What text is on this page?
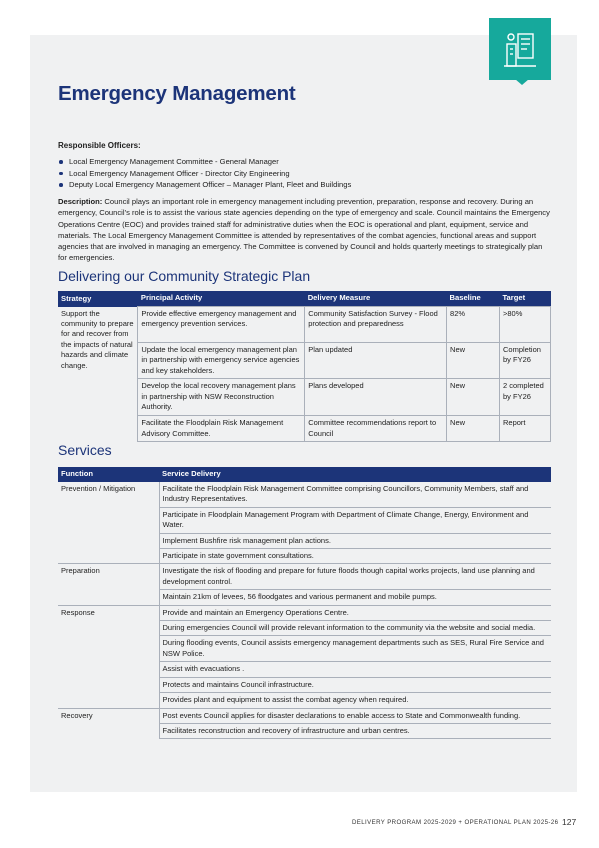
Emergency Management
Responsible Officers:
Local Emergency Management Committee - General Manager
Local Emergency Management Officer - Director City Engineering
Deputy Local Emergency Management Officer – Manager Plant, Fleet and Buildings

Description: Council plays an important role in emergency management including prevention, preparation, response and recovery. During an emergency, Council’s role is to assist the various state agencies depending on the type of emergency and scale. Council maintains the Emergency Operations Centre (EOC) and provides trained staff for administrative duties when the EOC is operational and plant, equipment, service and materials. The Local Emergency Management Committee is attended by representatives of the combat agencies, functional areas and support agencies that are involved in managing an emergency. The Committee is convened by Council and holds quarterly meetings to strategically plan for emergencies.

Delivering our Community Strategic Plan
Strategy	Principal Activity	Delivery Measure	Baseline	Target
Support the community to prepare for and recover from the impacts of natural hazards and climate change.	Provide effective emergency management and emergency prevention services.	Community Satisfaction Survey - Flood protection and preparedness	82%	>80%
	Update the local emergency management plan in partnership with emergency service agencies and key stakeholders.	Plan updated	New	Completion by FY26
	Develop the local recovery management plans in partnership with NSW Reconstruction Authority.	Plans developed	New	2 completed by FY26
	Facilitate the Floodplain Risk Management Advisory Committee.	Committee recommendations report to Council	New	Report
Services
Function	Service Delivery
Prevention / Mitigation	Facilitate the Floodplain Risk Management Committee comprising Councillors, Community Members, staff and Industry Representatives.
	Participate in Floodplain Management Program with Department of Climate Change, Energy, Environment and Water.
	Implement Bushfire risk management plan actions.
	Participate in state government consultations.
Preparation	Investigate the risk of flooding and prepare for future floods though capital works projects, land use planning and development control.
	Maintain 21km of levees, 56 floodgates and various permanent and mobile pumps.
Response	Provide and maintain an Emergency Operations Centre.
	During emergencies Council will provide relevant information to the community via the website and social media.
	During flooding events, Council assists emergency management departments such as SES, Rural Fire Service and NSW Police.
	Assist with evacuations .
	Protects and maintains Council infrastructure.
	Provides plant and equipment to assist the combat agency when required.
Recovery	Post events Council applies for disaster declarations to enable access to State and Commonwealth funding.
	Facilitates reconstruction and recovery of infrastructure and urban centres.
DELIVERY PROGRAM 2025-2029 + OPERATIONAL PLAN 2025-26 127
